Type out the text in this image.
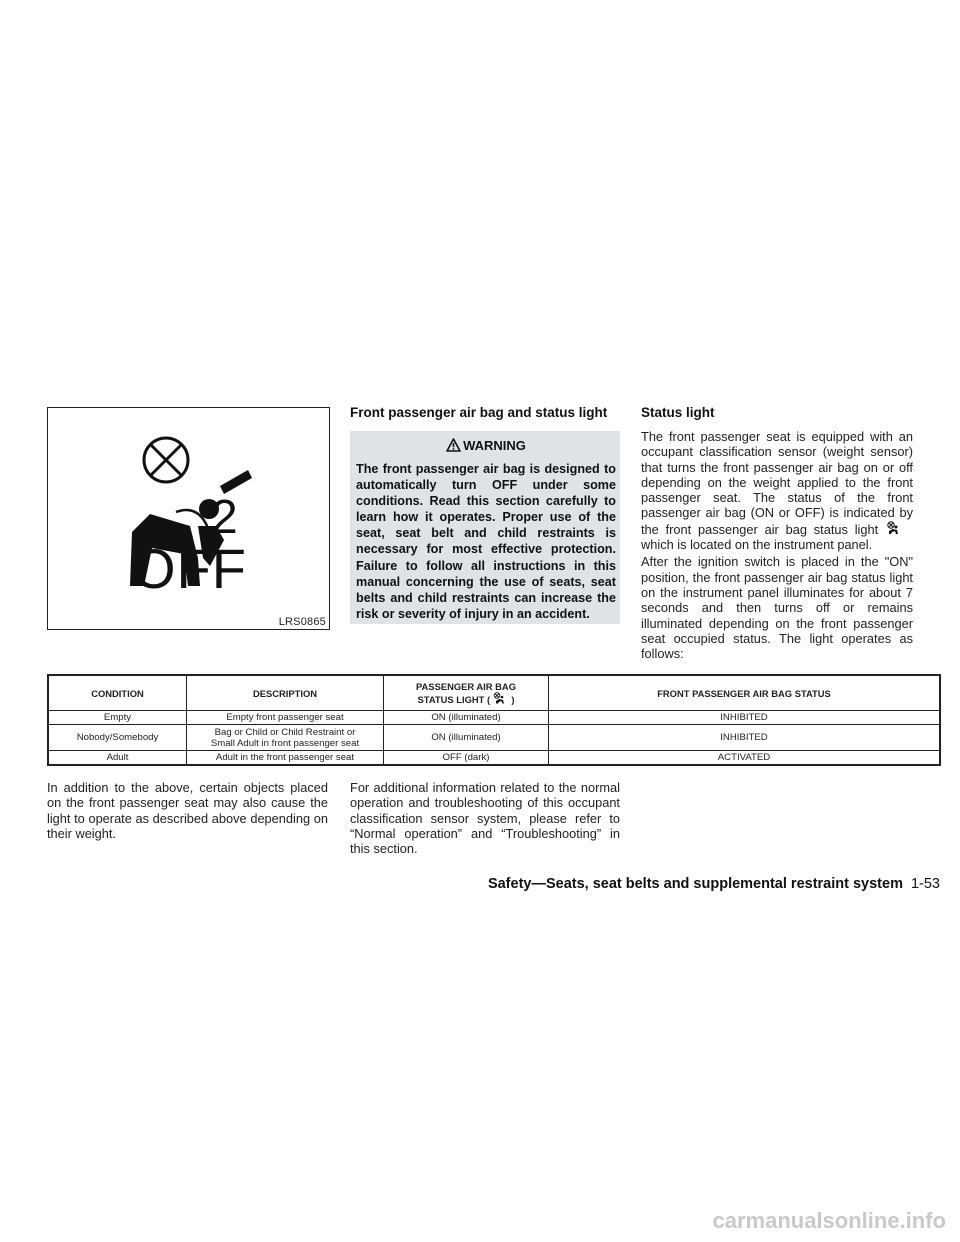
2
OFF
LRS0865
Front passenger air bag and status light
WARNING
The front passenger air bag is designed to automatically turn OFF under some conditions. Read this section carefully to learn how it operates. Proper use of the seat, seat belt and child restraints is necessary for most effective protection. Failure to follow all instructions in this manual concerning the use of seats, seat belts and child restraints can increase the risk or severity of injury in an accident.
Status light

The front passenger seat is equipped with an occupant classification sensor (weight sensor) that turns the front passenger air bag on or off depending on the weight applied to the front passenger seat. The status of the front passenger air bag (ON or OFF) is indicated by the front passenger air bag status light  which is located on the instrument panel.

After the ignition switch is placed in the "ON" position, the front passenger air bag status light on the instrument panel illuminates for about 7 seconds and then turns off or remains illuminated depending on the front passenger seat occupied status. The light operates as follows:

CONDITION	DESCRIPTION	PASSENGER AIR BAG
STATUS LIGHT ( )	FRONT PASSENGER AIR BAG STATUS
Empty	Empty front passenger seat	ON (illuminated)	INHIBITED
Nobody/Somebody	Bag or Child or Child Restraint or
Small Adult in front passenger seat	ON (illuminated)	INHIBITED
Adult	Adult in the front passenger seat	OFF (dark)	ACTIVATED
In addition to the above, certain objects placed on the front passenger seat may also cause the light to operate as described above depending on their weight.
For additional information related to the normal operation and troubleshooting of this occupant classification sensor system, please refer to “Normal operation” and “Troubleshooting” in this section.
Safety—Seats, seat belts and supplemental restraint system 1-53
carmanualsonline.info
